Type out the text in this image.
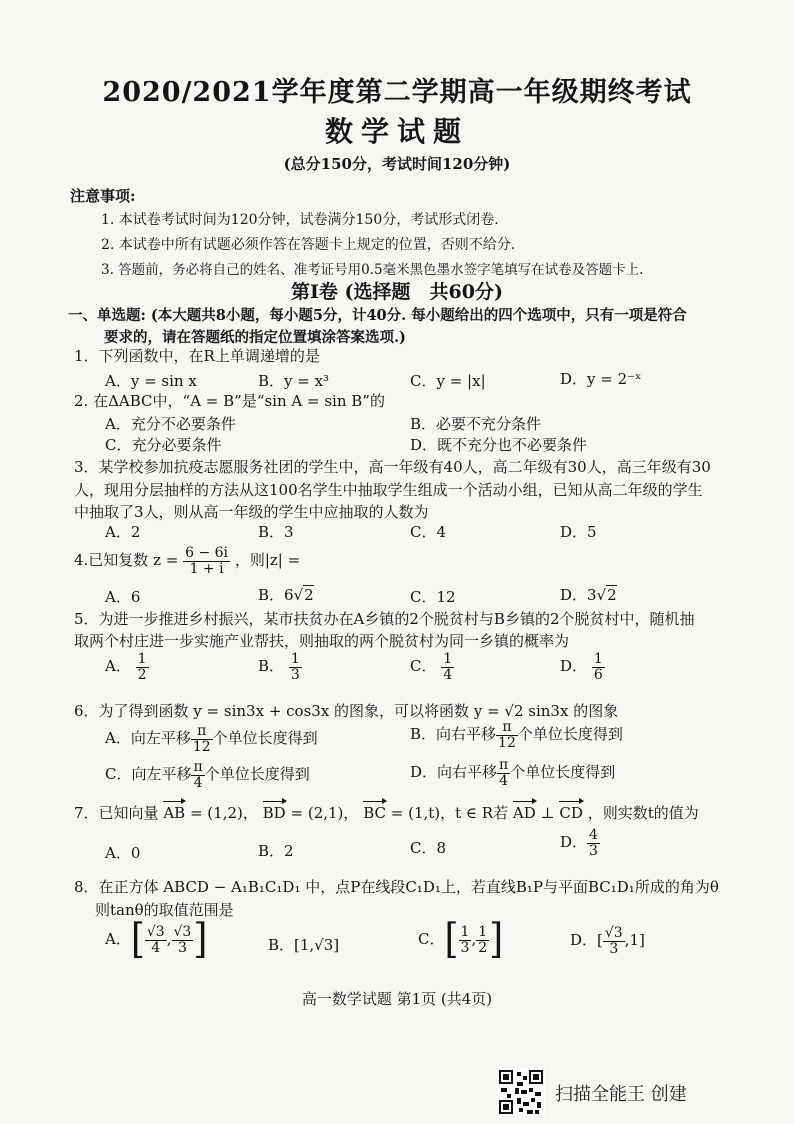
2020/2021学年度第二学期高一年级期终考试
数学试题
(总分150分，考试时间120分钟)
注意事项:
1. 本试卷考试时间为120分钟，试卷满分150分，考试形式闭卷.
2. 本试卷中所有试题必须作答在答题卡上规定的位置，否则不给分.
3. 答题前，务必将自己的姓名、准考证号用0.5毫米黑色墨水签字笔填写在试卷及答题卡上.
第Ⅰ卷 (选择题　共60分)
一、单选题: (本大题共8小题，每小题5分，计40分. 每小题给出的四个选项中，只有一项是符合
要求的，请在答题纸的指定位置填涂答案选项.)
1．下列函数中，在R上单调递增的是
A．y = sin x	B．y = x³	C．y = |x|	D．y = 2⁻ˣ
2. 在ΔABC中，“A = B”是“sin A = sin B”的
A．充分不必要条件	B．必要不充分条件
C．充分必要条件	D．既不充分也不必要条件
3．某学校参加抗疫志愿服务社团的学生中，高一年级有40人，高二年级有30人，高三年级有30
人，现用分层抽样的方法从这100名学生中抽取学生组成一个活动小组，已知从高二年级的学生
中抽取了3人，则从高一年级的学生中应抽取的人数为
A．2	B．3	C．4	D．5
4.已知复数 $z = \frac{6 - 6i}{1 + i}$ ，则|z| =
A．6	B．6√2	C．12	D．3√2
5．为进一步推进乡村振兴，某市扶贫办在A乡镇的2个脱贫村与B乡镇的2个脱贫村中，随机抽
取两个村庄进一步实施产业帮扶，则抽取的两个脱贫村为同一乡镇的概率为
A． $\frac{1}{2}$	B． $\frac{1}{3}$	C． $\frac{1}{4}$	D． $\frac{1}{6}$
6．为了得到函数 y = sin3x + cos3x 的图象，可以将函数 y = √2 sin3x 的图象
A．向左平移 $\frac{\pi}{12}$ 个单位长度得到	B．向右平移 $\frac{\pi}{12}$ 个单位长度得到
C．向左平移 $\frac{\pi}{4}$ 个单位长度得到	D．向右平移 $\frac{\pi}{4}$ 个单位长度得到
7．已知向量 AB = (1,2)， BD = (2,1)， BC = (1,t)，t ∈ R若 AD ⊥ CD ，则实数t的值为
A．0	B．2	C．8	D． $\frac{4}{3}$
8．在正方体 ABCD − A₁B₁C₁D₁ 中，点P在线段C₁D₁上，若直线B₁P与平面BC₁D₁所成的角为θ
则tanθ的取值范围是
A．[ $\frac{√3}{4}$ , $\frac{√3}{3}$ ]	B．[1,√3]	C．[ $\frac{1}{3}$ , $\frac{1}{2}$ ]	D．[ $\frac{√3}{3} ,1$]
高一数学试题 第1页 (共4页)
扫描全能王 创建
